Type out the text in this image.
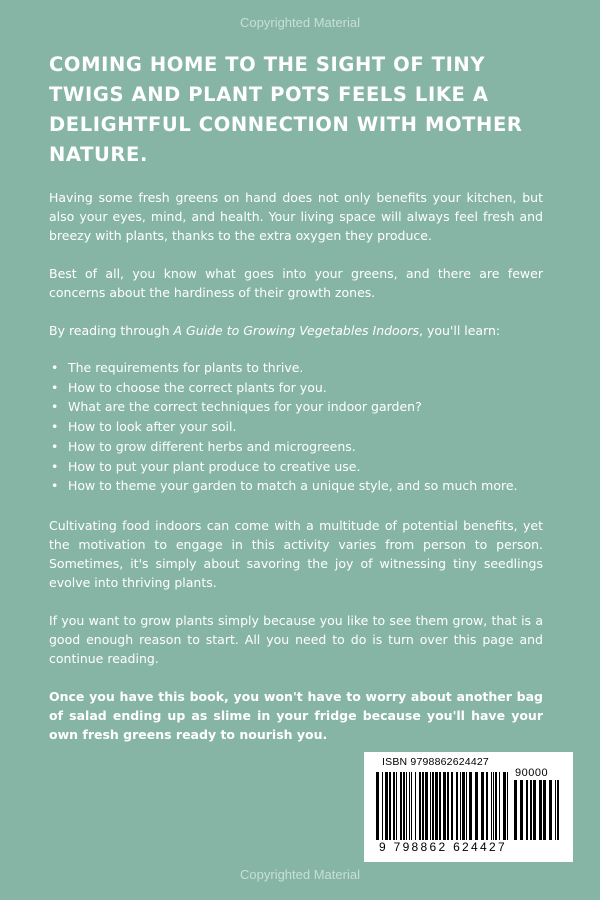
Copyrighted Material
COMING HOME TO THE SIGHT OF TINY TWIGS AND PLANT POTS FEELS LIKE A DELIGHTFUL CONNECTION WITH MOTHER NATURE.

Having some fresh greens on hand does not only benefits your kitchen, but also your eyes, mind, and health. Your living space will always feel fresh and breezy with plants, thanks to the extra oxygen they produce.

Best of all, you know what goes into your greens, and there are fewer concerns about the hardiness of their growth zones.

By reading through A Guide to Growing Vegetables Indoors, you'll learn:

• The requirements for plants to thrive.
• How to choose the correct plants for you.
• What are the correct techniques for your indoor garden?
• How to look after your soil.
• How to grow different herbs and microgreens.
• How to put your plant produce to creative use.
• How to theme your garden to match a unique style, and so much more.

Cultivating food indoors can come with a multitude of potential benefits, yet the motivation to engage in this activity varies from person to person. Sometimes, it's simply about savoring the joy of witnessing tiny seedlings evolve into thriving plants.

If you want to grow plants simply because you like to see them grow, that is a good enough reason to start. All you need to do is turn over this page and continue reading.

Once you have this book, you won't have to worry about another bag of salad ending up as slime in your fridge because you'll have your own fresh greens ready to nourish you.

ISBN 9798862624427
90000
9 798862 624427
Copyrighted Material
